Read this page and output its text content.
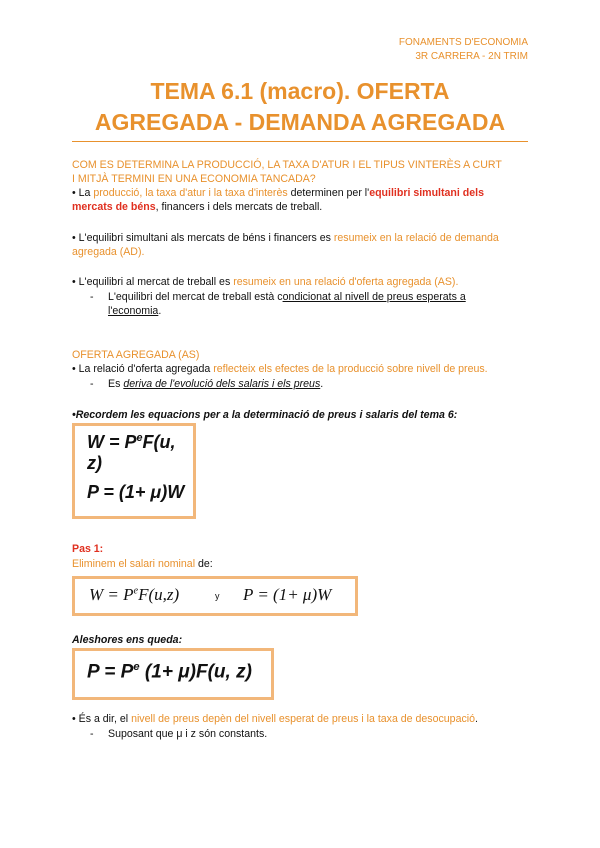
FONAMENTS D'ECONOMIA
3R CARRERA - 2N TRIM
TEMA 6.1 (macro). OFERTA
AGREGADA - DEMANDA AGREGADA
COM ES DETERMINA LA PRODUCCIÓ, LA TAXA D'ATUR I EL TIPUS VINTERÈS A CURT
I MITJÀ TERMINI EN UNA ECONOMIA TANCADA?
• La producció, la taxa d'atur i la taxa d'interès determinen per l'equilibri simultani dels
mercats de béns, financers i dels mercats de treball.
• L'equilibri simultani als mercats de béns i financers es resumeix en la relació de demanda
agregada (AD).
• L'equilibri al mercat de treball es resumeix en una relació d'oferta agregada (AS).
- L'equilibri del mercat de treball està condicionat al nivell de preus esperats a
l'economia.
OFERTA AGREGADA (AS)
• La relació d'oferta agregada reflecteix els efectes de la producció sobre nivell de preus.
- Es deriva de l'evolució dels salaris i els preus.
•Recordem les equacions per a la determinació de preus i salaris del tema 6:
$W = P^eF(u$, z)
P = (1+ μ)W
Pas 1:
Eliminem el salari nominal de:
$W = P^eF(u,z)$	y P = (1+ μ)W
Aleshores ens queda:
$P = P^e$ (1+ μ)F(u, z)
• És a dir, el nivell de preus depèn del nivell esperat de preus i la taxa de desocupació.
- Suposant que μ i z són constants.
